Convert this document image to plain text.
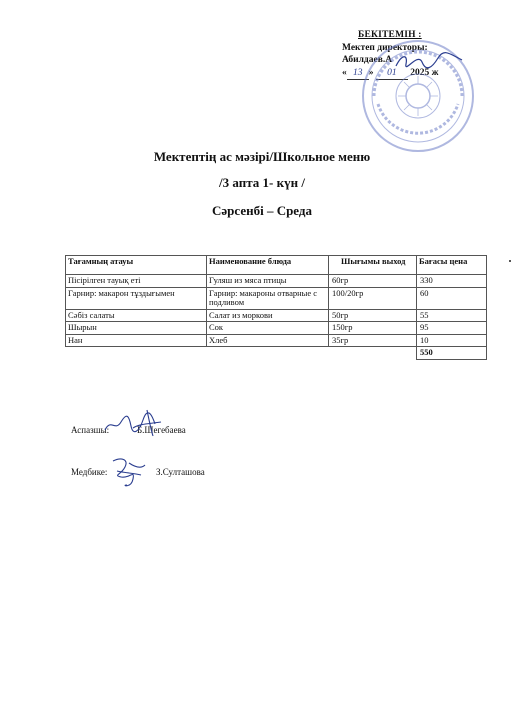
БЕКІТЕМІН :
Мектеп директоры:
Абилдаев.А
« 13 » 01 2025 ж
Мектептің ас мәзірі/Школьное меню
/3 апта 1- күн /
Сәрсенбі – Среда
Тағамның атауы	Наименование блюда	Шығымы выход	Бағасы цена
Пісірілген тауық еті	Гуляш из мяса птицы	60гр	330
Гарнир: макарон тұздығымен	Гарнир: макароны отварные с подливом	100/20гр	60
Сәбіз салаты	Салат из моркови	50гр	55
Шырын	Сок	150гр	95
Нан	Хлеб	35гр	10
			550
Аспазшы:	Б.Шегебаева
Медбике:	З.Султашова
